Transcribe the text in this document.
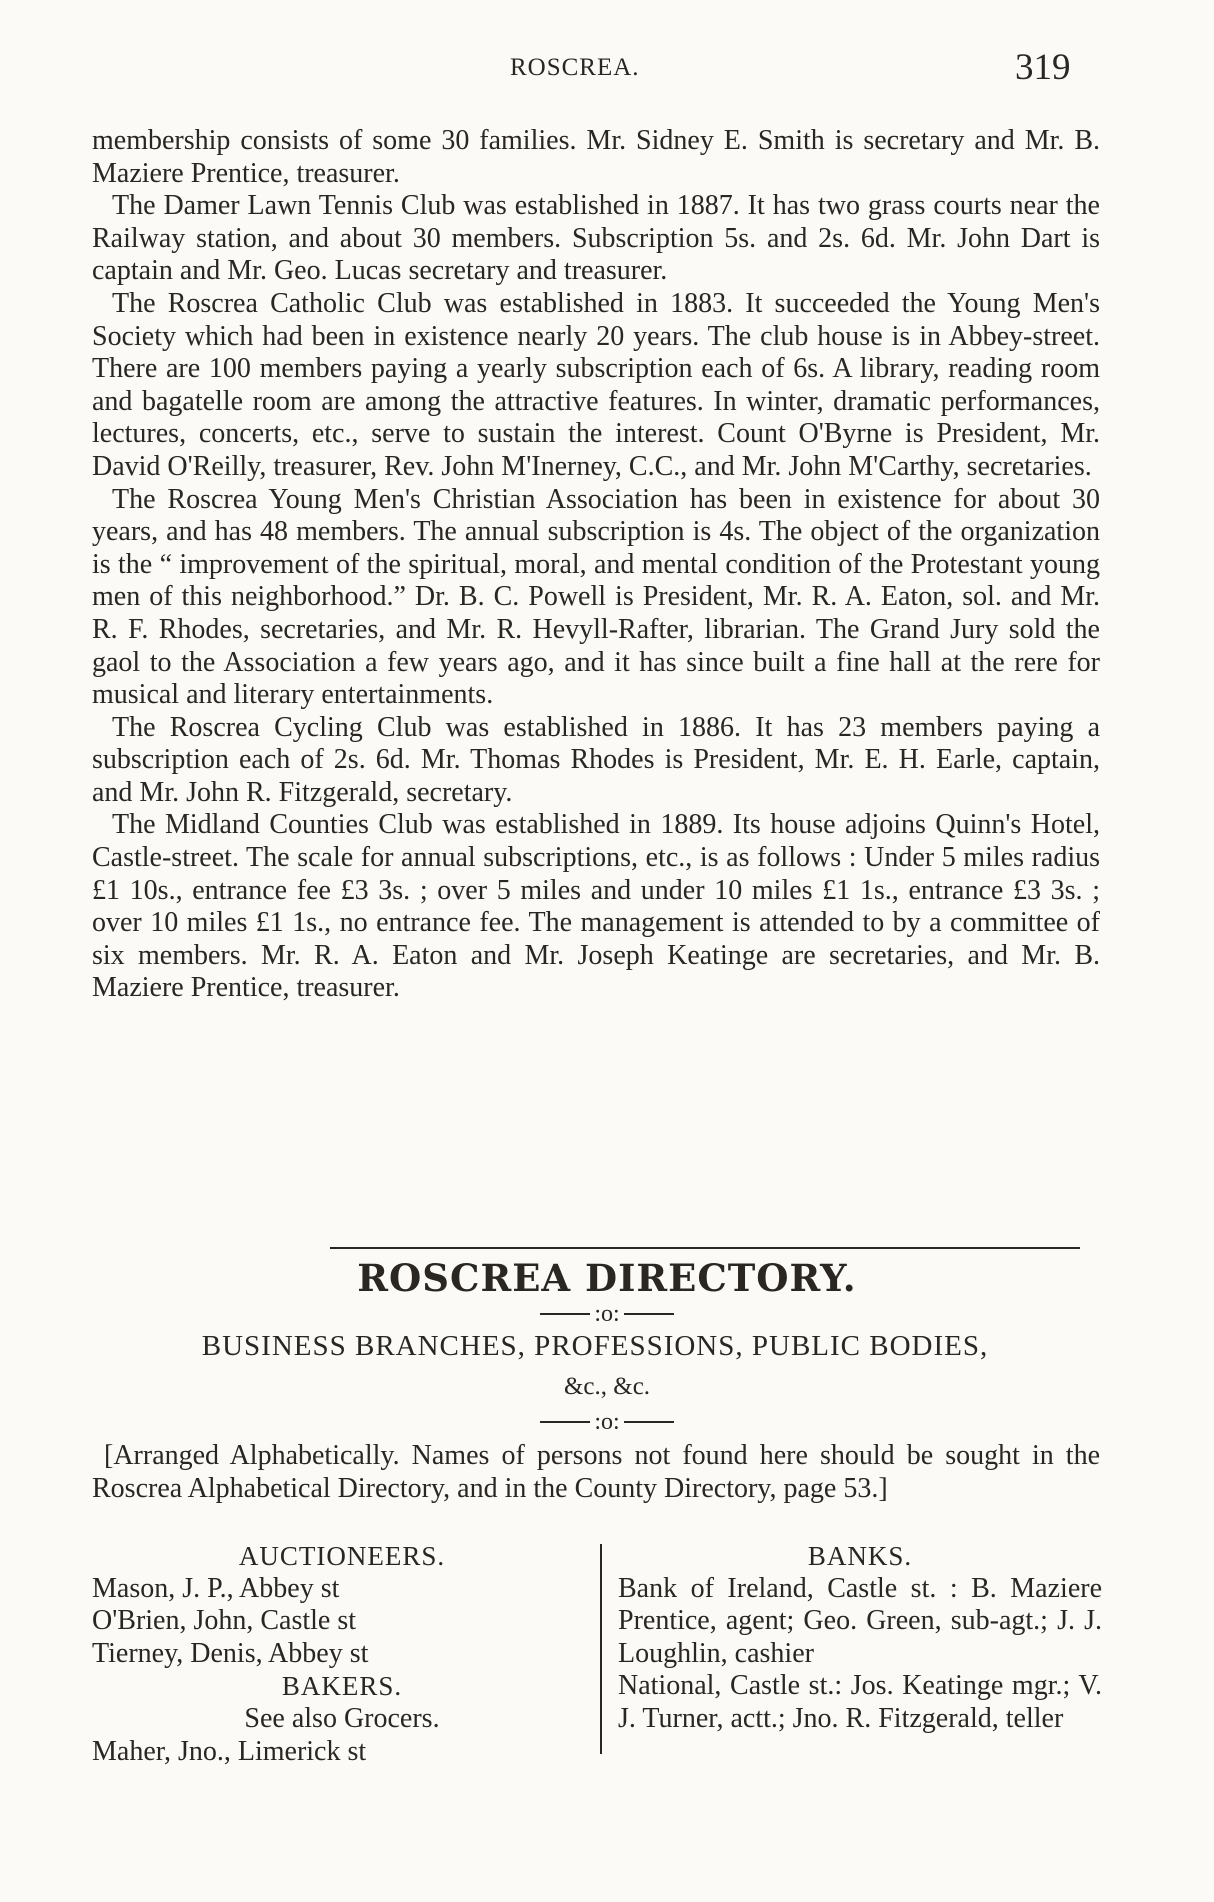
ROSCREA.	319

membership consists of some 30 families. Mr. Sidney E. Smith is secretary and Mr. B. Maziere Prentice, treasurer.

The Damer Lawn Tennis Club was established in 1887. It has two grass courts near the Railway station, and about 30 members. Subscription 5s. and 2s. 6d. Mr. John Dart is captain and Mr. Geo. Lucas secretary and treasurer.

The Roscrea Catholic Club was established in 1883. It succeeded the Young Men's Society which had been in existence nearly 20 years. The club house is in Abbey-street. There are 100 members paying a yearly subscription each of 6s. A library, reading room and bagatelle room are among the attractive features. In winter, dramatic performances, lectures, concerts, etc., serve to sustain the interest. Count O'Byrne is President, Mr. David O'Reilly, treasurer, Rev. John M'Inerney, C.C., and Mr. John M'Carthy, secretaries.

The Roscrea Young Men's Christian Association has been in existence for about 30 years, and has 48 members. The annual subscription is 4s. The object of the organization is the “ improvement of the spiritual, moral, and mental condition of the Protestant young men of this neighborhood.” Dr. B. C. Powell is President, Mr. R. A. Eaton, sol. and Mr. R. F. Rhodes, secretaries, and Mr. R. Hevyll-Rafter, librarian. The Grand Jury sold the gaol to the Association a few years ago, and it has since built a fine hall at the rere for musical and literary entertainments.

The Roscrea Cycling Club was established in 1886. It has 23 members paying a subscription each of 2s. 6d. Mr. Thomas Rhodes is President, Mr. E. H. Earle, captain, and Mr. John R. Fitzgerald, secretary.

The Midland Counties Club was established in 1889. Its house adjoins Quinn's Hotel, Castle-street. The scale for annual subscriptions, etc., is as follows : Under 5 miles radius £1 10s., entrance fee £3 3s. ; over 5 miles and under 10 miles £1 1s., entrance £3 3s. ; over 10 miles £1 1s., no entrance fee. The management is attended to by a committee of six members. Mr. R. A. Eaton and Mr. Joseph Keatinge are secretaries, and Mr. B. Maziere Prentice, treasurer.

ROSCREA DIRECTORY.
:o:
BUSINESS BRANCHES, PROFESSIONS, PUBLIC BODIES,
&c., &c.
:o:
[Arranged Alphabetically. Names of persons not found here should be sought in the Roscrea Alphabetical Directory, and in the County Directory, page 53.]
AUCTIONEERS.
Mason, J. P., Abbey st
O'Brien, John, Castle st
Tierney, Denis, Abbey st
BAKERS.
See also Grocers.
Maher, Jno., Limerick st
BANKS.
Bank of Ireland, Castle st. : B. Maziere Prentice, agent; Geo. Green, sub-agt.; J. J. Loughlin, cashier
National, Castle st.: Jos. Keatinge mgr.; V. J. Turner, actt.; Jno. R. Fitzgerald, teller
